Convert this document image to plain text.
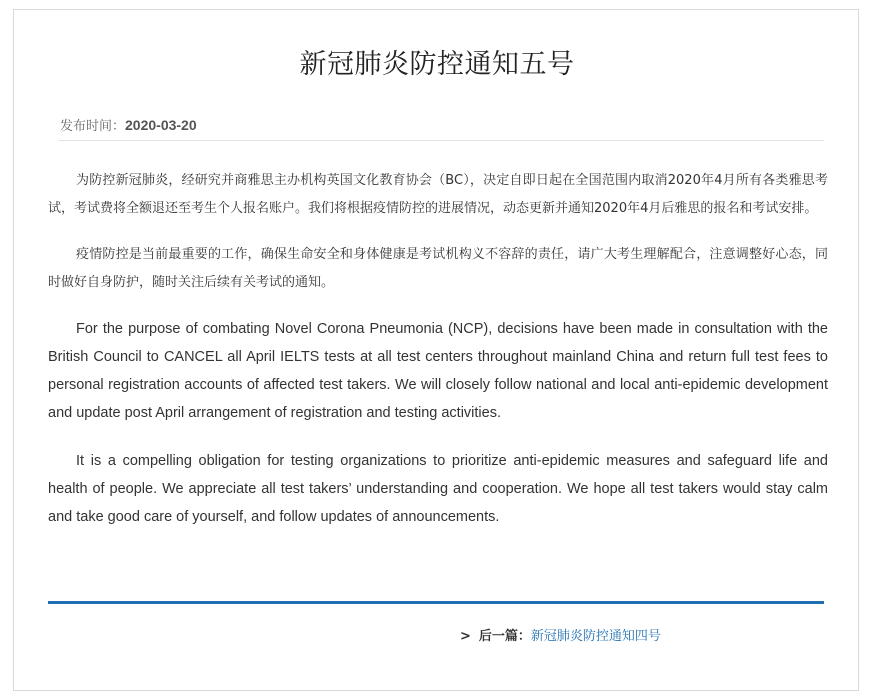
新冠肺炎防控通知五号
发布时间：2020-03-20

为防控新冠肺炎，经研究并商雅思主办机构英国文化教育协会（BC），决定自即日起在全国范围内取消2020年4月所有各类雅思考试，考试费将全额退还至考生个人报名账户。我们将根据疫情防控的进展情况，动态更新并通知2020年4月后雅思的报名和考试安排。

疫情防控是当前最重要的工作，确保生命安全和身体健康是考试机构义不容辞的责任，请广大考生理解配合，注意调整好心态，同时做好自身防护，随时关注后续有关考试的通知。

For the purpose of combating Novel Corona Pneumonia (NCP), decisions have been made in consultation with the British Council to CANCEL all April IELTS tests at all test centers throughout mainland China and return full test fees to personal registration accounts of affected test takers. We will closely follow national and local anti-epidemic development and update post April arrangement of registration and testing activities.

It is a compelling obligation for testing organizations to prioritize anti-epidemic measures and safeguard life and health of people. We appreciate all test takers’ understanding and cooperation. We hope all test takers would stay calm and take good care of yourself, and follow updates of announcements.

> 后一篇：新冠肺炎防控通知四号
